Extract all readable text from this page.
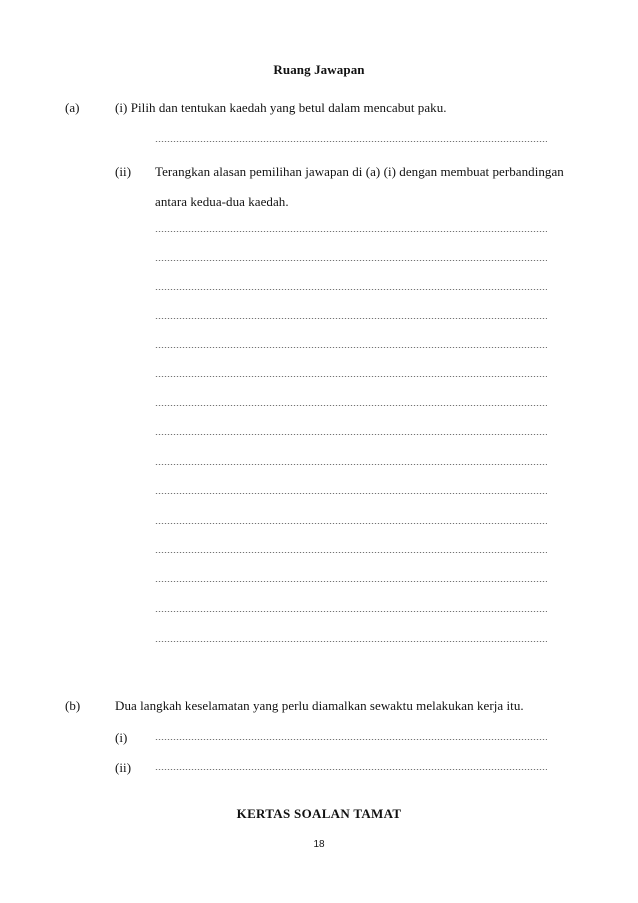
Ruang Jawapan
(a)	(i) Pilih dan tentukan kaedah yang betul dalam mencabut paku.
(ii) Terangkan alasan pemilihan jawapan di (a) (i) dengan membuat perbandingan
antara kedua-dua kaedah.
(b)	Dua langkah keselamatan yang perlu diamalkan sewaktu melakukan kerja itu.
(i)
(ii)
KERTAS SOALAN TAMAT
18
